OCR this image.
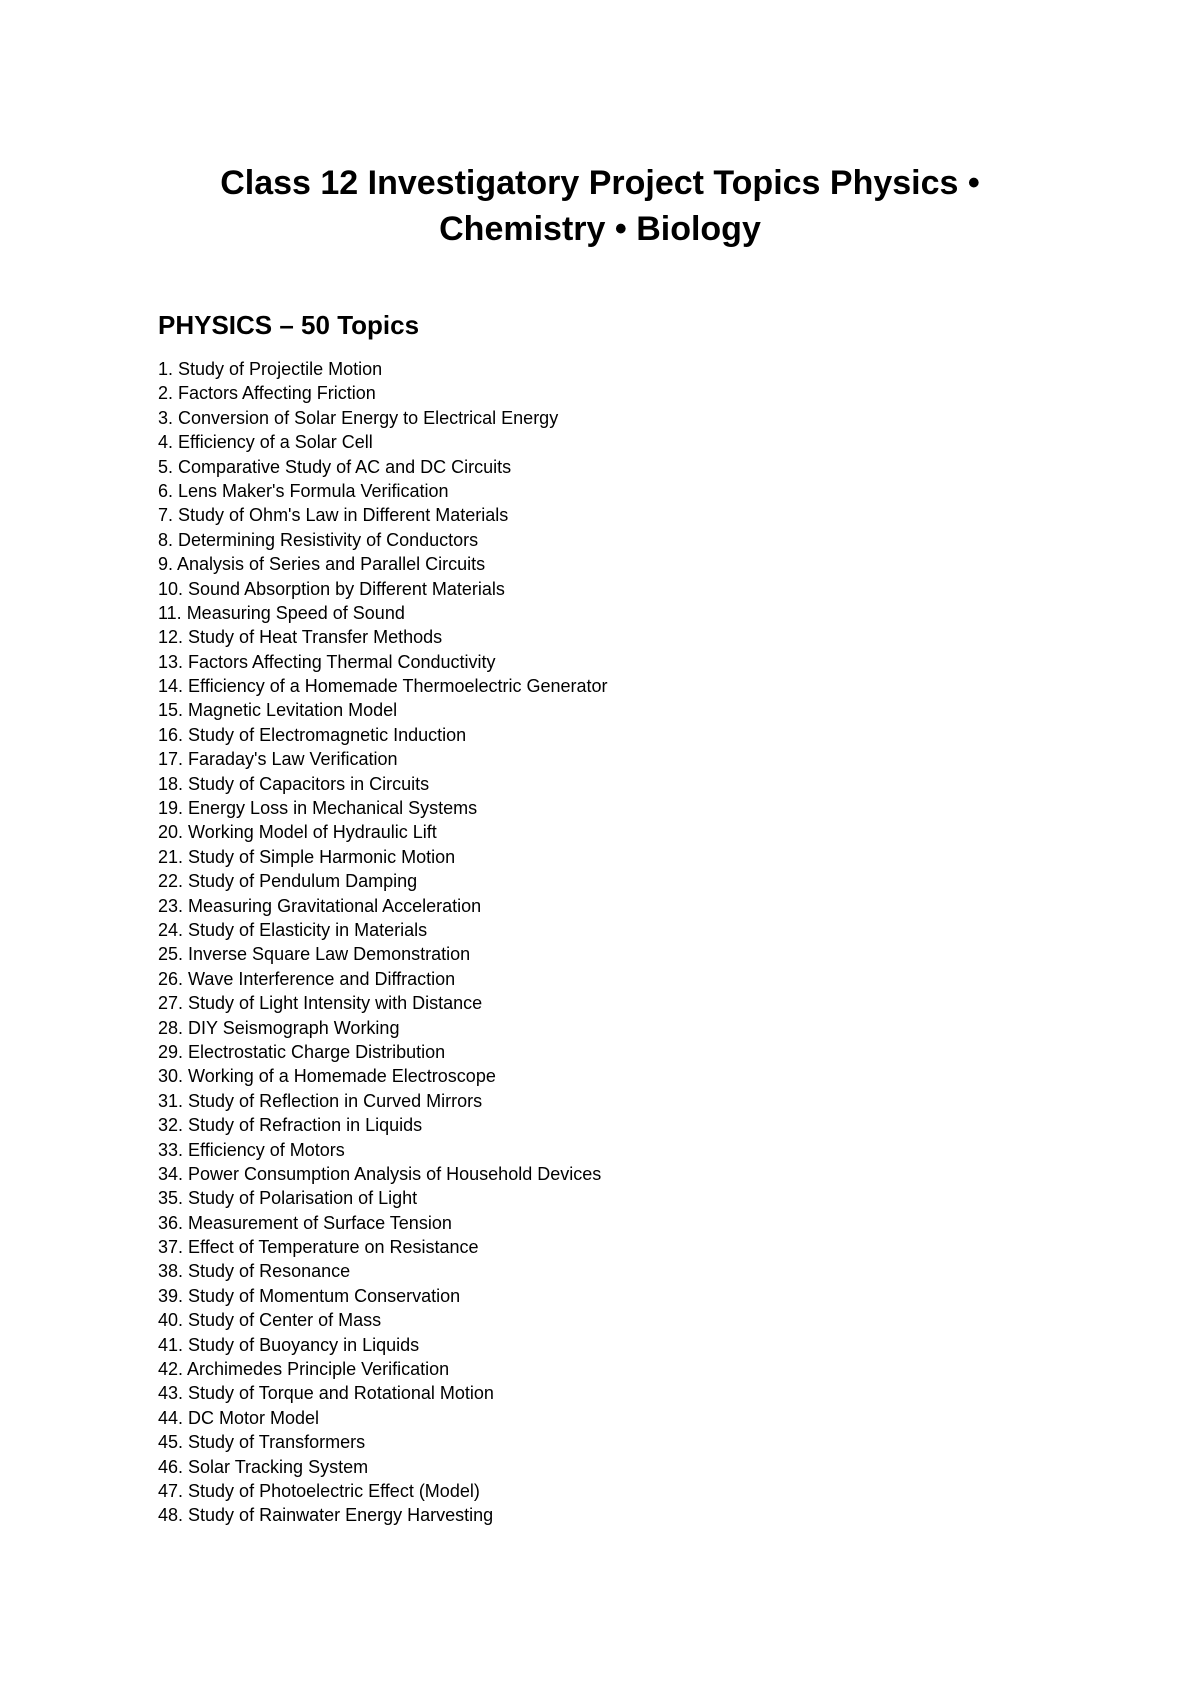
Class 12 Investigatory Project Topics Physics • Chemistry • Biology
PHYSICS – 50 Topics
1. Study of Projectile Motion
2. Factors Affecting Friction
3. Conversion of Solar Energy to Electrical Energy
4. Efficiency of a Solar Cell
5. Comparative Study of AC and DC Circuits
6. Lens Maker's Formula Verification
7. Study of Ohm's Law in Different Materials
8. Determining Resistivity of Conductors
9. Analysis of Series and Parallel Circuits
10. Sound Absorption by Different Materials
11. Measuring Speed of Sound
12. Study of Heat Transfer Methods
13. Factors Affecting Thermal Conductivity
14. Efficiency of a Homemade Thermoelectric Generator
15. Magnetic Levitation Model
16. Study of Electromagnetic Induction
17. Faraday's Law Verification
18. Study of Capacitors in Circuits
19. Energy Loss in Mechanical Systems
20. Working Model of Hydraulic Lift
21. Study of Simple Harmonic Motion
22. Study of Pendulum Damping
23. Measuring Gravitational Acceleration
24. Study of Elasticity in Materials
25. Inverse Square Law Demonstration
26. Wave Interference and Diffraction
27. Study of Light Intensity with Distance
28. DIY Seismograph Working
29. Electrostatic Charge Distribution
30. Working of a Homemade Electroscope
31. Study of Reflection in Curved Mirrors
32. Study of Refraction in Liquids
33. Efficiency of Motors
34. Power Consumption Analysis of Household Devices
35. Study of Polarisation of Light
36. Measurement of Surface Tension
37. Effect of Temperature on Resistance
38. Study of Resonance
39. Study of Momentum Conservation
40. Study of Center of Mass
41. Study of Buoyancy in Liquids
42. Archimedes Principle Verification
43. Study of Torque and Rotational Motion
44. DC Motor Model
45. Study of Transformers
46. Solar Tracking System
47. Study of Photoelectric Effect (Model)
48. Study of Rainwater Energy Harvesting
